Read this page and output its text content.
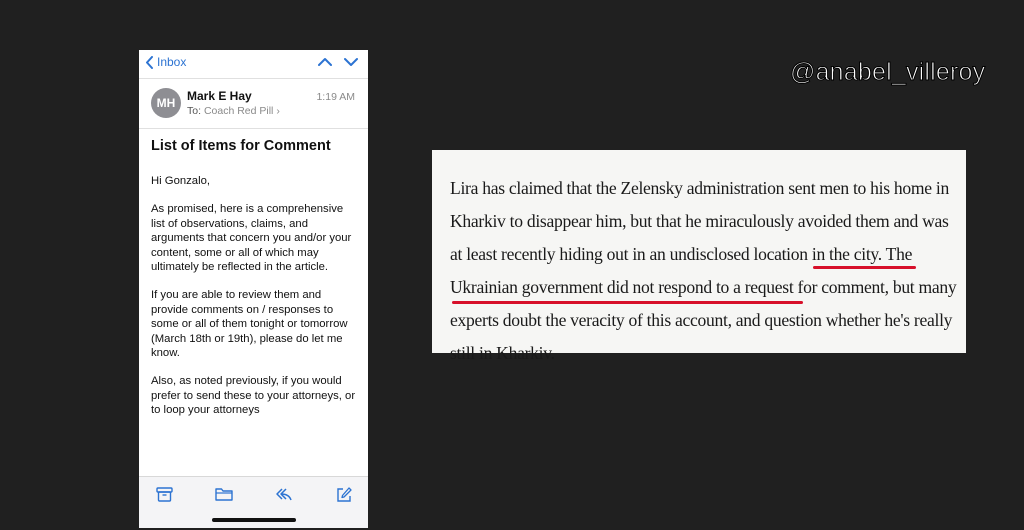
@anabel_villeroy
Inbox
MH Mark E Hay
To: Coach Red Pill ›
1:19 AM
List of Items for Comment

Hi Gonzalo,

As promised, here is a comprehensive list of observations, claims, and arguments that concern you and/or your content, some or all of which may ultimately be reflected in the article.

If you are able to review them and provide comments on / responses to some or all of them tonight or tomorrow (March 18th or 19th), please do let me know.

Also, as noted previously, if you would prefer to send these to your attorneys, or to loop your attorneys

Lira has claimed that the Zelensky administration sent men to his home in Kharkiv to disappear him, but that he miraculously avoided them and was at least recently hiding out in an undisclosed location in the city. The Ukrainian government did not respond to a request for comment, but many experts doubt the veracity of this account, and question whether he's really still in Kharkiv.
